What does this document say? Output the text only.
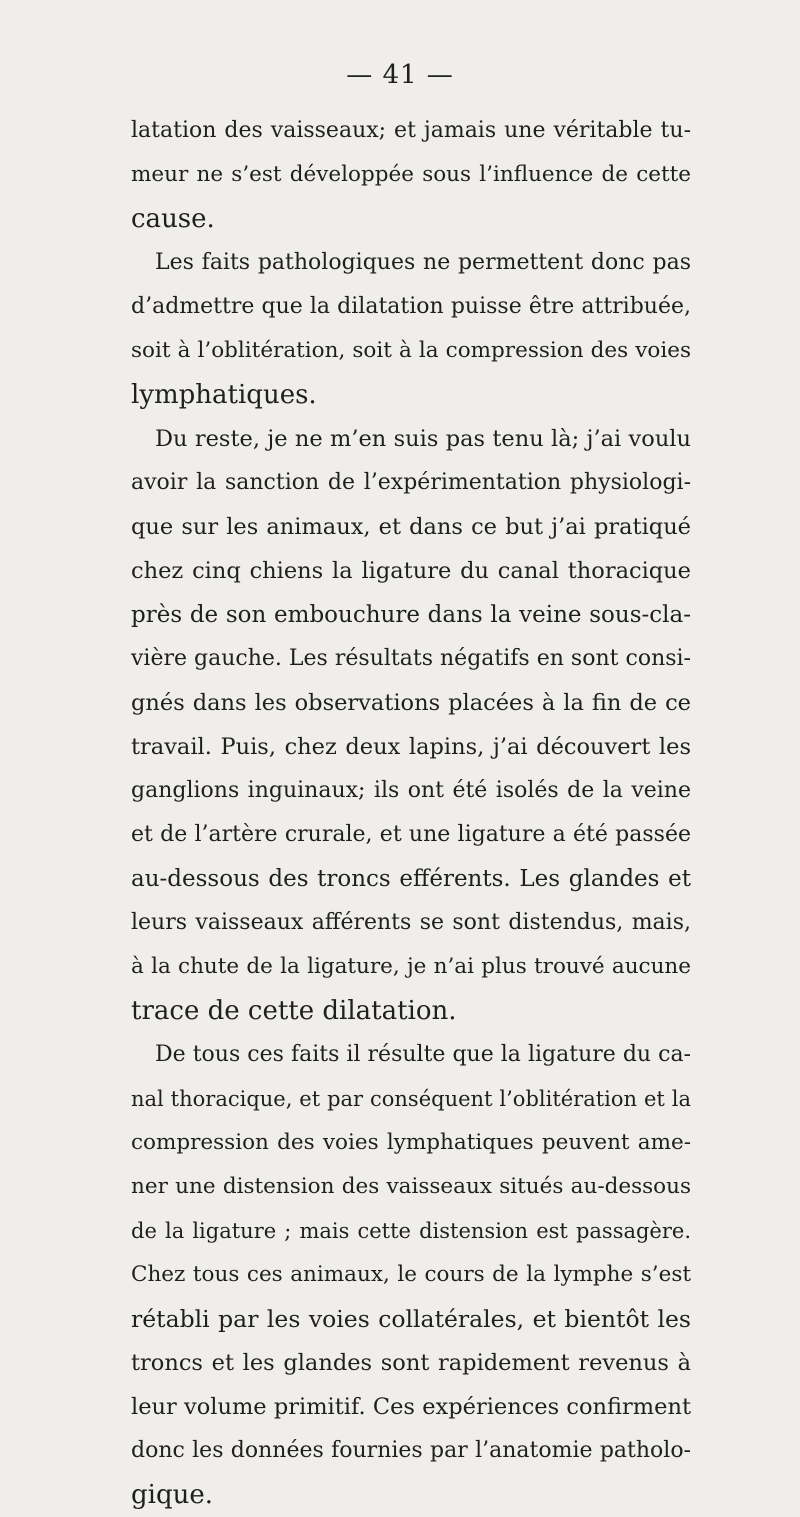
— 41 —
latation des vaisseaux; et jamais une véritable tu-
meur ne s’est développée sous l’influence de cette
cause.
Les faits pathologiques ne permettent donc pas
d’admettre que la dilatation puisse être attribuée,
soit à l’oblitération, soit à la compression des voies
lymphatiques.
Du reste, je ne m’en suis pas tenu là; j’ai voulu
avoir la sanction de l’expérimentation physiologi-
que sur les animaux, et dans ce but j’ai pratiqué
chez cinq chiens la ligature du canal thoracique
près de son embouchure dans la veine sous-cla-
vière gauche. Les résultats négatifs en sont consi-
gnés dans les observations placées à la fin de ce
travail. Puis, chez deux lapins, j’ai découvert les
ganglions inguinaux; ils ont été isolés de la veine
et de l’artère crurale, et une ligature a été passée
au-dessous des troncs efférents. Les glandes et
leurs vaisseaux afférents se sont distendus, mais,
à la chute de la ligature, je n’ai plus trouvé aucune
trace de cette dilatation.
De tous ces faits il résulte que la ligature du ca-
nal thoracique, et par conséquent l’oblitération et la
compression des voies lymphatiques peuvent ame-
ner une distension des vaisseaux situés au-dessous
de la ligature ; mais cette distension est passagère.
Chez tous ces animaux, le cours de la lymphe s’est
rétabli par les voies collatérales, et bientôt les
troncs et les glandes sont rapidement revenus à
leur volume primitif. Ces expériences confirment
donc les données fournies par l’anatomie patholo-
gique.
